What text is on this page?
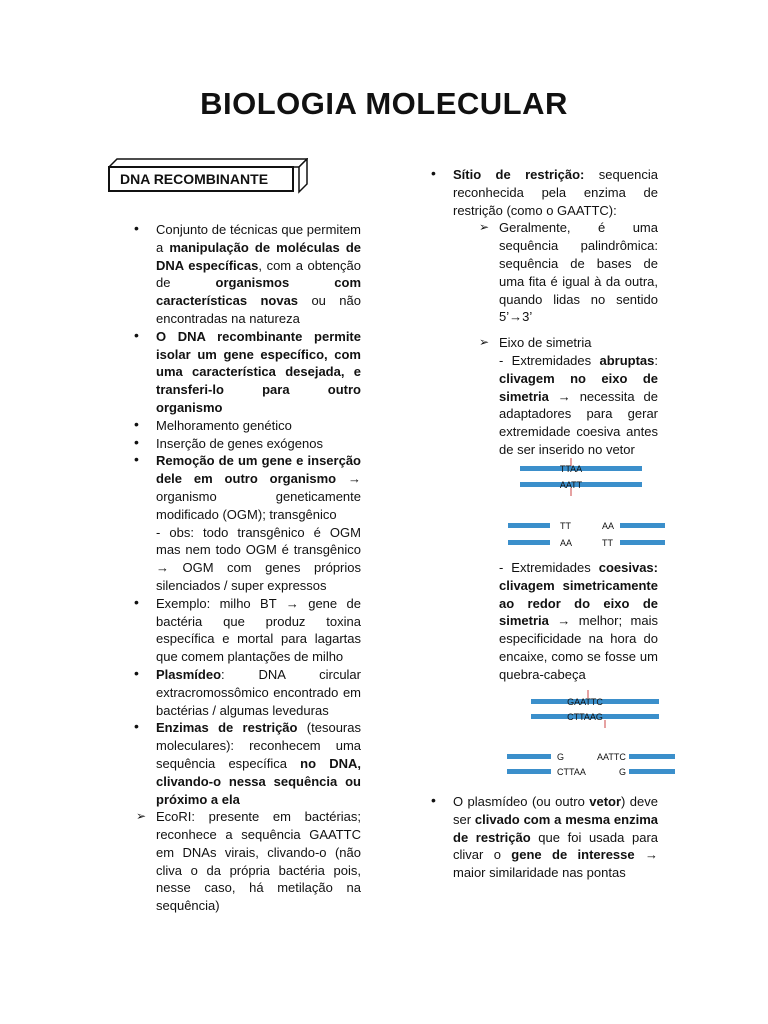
BIOLOGIA MOLECULAR
DNA RECOMBINANTE
• Conjunto de técnicas que permitem a manipulação de moléculas de DNA específicas, com a obtenção de organismos com características novas ou não encontradas na natureza
• O DNA recombinante permite isolar um gene específico, com uma característica desejada, e transferi-lo para outro organismo
• Melhoramento genético
• Inserção de genes exógenos
• Remoção de um gene e inserção dele em outro organismo → organismo geneticamente modificado (OGM); transgênico

- obs: todo transgênico é OGM mas nem todo OGM é transgênico → OGM com genes próprios silenciados / super expressos

• Exemplo: milho BT → gene de bactéria que produz toxina específica e mortal para lagartas que comem plantações de milho
• Plasmídeo: DNA circular extracromossômico encontrado em bactérias / algumas leveduras
• Enzimas de restrição (tesouras moleculares): reconhecem uma sequência específica no DNA, clivando-o nessa sequência ou próximo a ela
➢ EcoRI: presente em bactérias; reconhece a sequência GAATTC em DNAs virais, clivando-o (não cliva o da própria bactéria pois, nesse caso, há metilação na sequência)
• Sítio de restrição: sequencia reconhecida pela enzima de restrição (como o GAATTC):
➢ Geralmente, é uma sequência palindrômica: sequência de bases de uma fita é igual à da outra, quando lidas no sentido 5’→3’
➢ Eixo de simetria
- Extremidades abruptas: clivagem no eixo de simetria → necessita de adaptadores para gerar extremidade coesiva antes de ser inserido no vetor
TTAA
AATT
TT
AA
AA
TT

- Extremidades coesivas: clivagem simetricamente ao redor do eixo de simetria → melhor; mais especificidade na hora do encaixe, como se fosse um quebra-cabeça

GAATTC
CTTAAG
G
CTTAA
AATTC
G
• O plasmídeo (ou outro vetor) deve ser clivado com a mesma enzima de restrição que foi usada para clivar o gene de interesse → maior similaridade nas pontas
